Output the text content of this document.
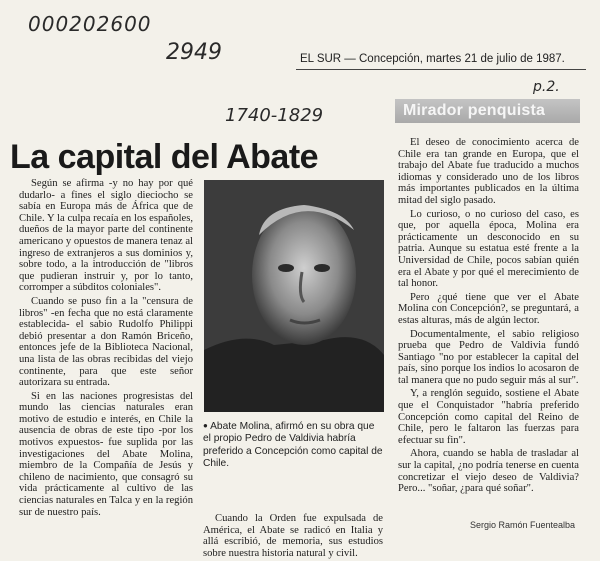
000202600
2949
1740-1829
p.2.
EL SUR — Concepción, martes 21 de julio de 1987.
Mirador penquista
La capital del Abate

Según se afirma -y no hay por qué dudarlo- a fines el siglo dieciocho se sabía en Europa más de África que de Chile. Y la culpa recaía en los españoles, dueños de la mayor parte del continente americano y opuestos de manera tenaz al ingreso de extranjeros a sus dominios y, sobre todo, a la introducción de "libros que pudieran instruir y, por lo tanto, corromper a súbditos coloniales".

Cuando se puso fin a la "censura de libros" -en fecha que no está claramente establecida- el sabio Rudolfo Philippi debió presentar a don Ramón Briceño, entonces jefe de la Biblioteca Nacional, una lista de las obras recibidas del viejo continente, para que este señor autorizara su entrada.

Si en las naciones progresistas del mundo las ciencias naturales eran motivo de estudio e interés, en Chile la ausencia de obras de este tipo -por los motivos expuestos- fue suplida por las investigaciones del Abate Molina, miembro de la Compañía de Jesús y chileno de nacimiento, que consagró su vida prácticamente al cultivo de las ciencias naturales en Talca y en la región sur de nuestro país.

● Abate Molina, afirmó en su obra que el propio Pedro de Valdivia habría preferido a Concepción como capital de Chile.

Cuando la Orden fue expulsada de América, el Abate se radicó en Italia y allá escribió, de memoria, sus estudios sobre nuestra historia natural y civil.

El deseo de conocimiento acerca de Chile era tan grande en Europa, que el trabajo del Abate fue traducido a muchos idiomas y considerado uno de los libros más importantes publicados en la última mitad del siglo pasado.

Lo curioso, o no curioso del caso, es que, por aquella época, Molina era prácticamente un desconocido en su patria. Aunque su estatua esté frente a la Universidad de Chile, pocos sabían quién era el Abate y por qué el merecimiento de tal honor.

Pero ¿qué tiene que ver el Abate Molina con Concepción?, se preguntará, a estas alturas, más de algún lector.

Documentalmente, el sabio religioso prueba que Pedro de Valdivia fundó Santiago "no por establecer la capital del país, sino porque los indios lo acosaron de tal manera que no pudo seguir más al sur".

Y, a renglón seguido, sostiene el Abate que el Conquistador "habría preferido Concepción como capital del Reino de Chile, pero le faltaron las fuerzas para efectuar su fin".

Ahora, cuando se habla de trasladar al sur la capital, ¿no podría tenerse en cuenta concretizar el viejo deseo de Valdivia? Pero... "soñar, ¿para qué soñar".

Sergio Ramón Fuentealba
